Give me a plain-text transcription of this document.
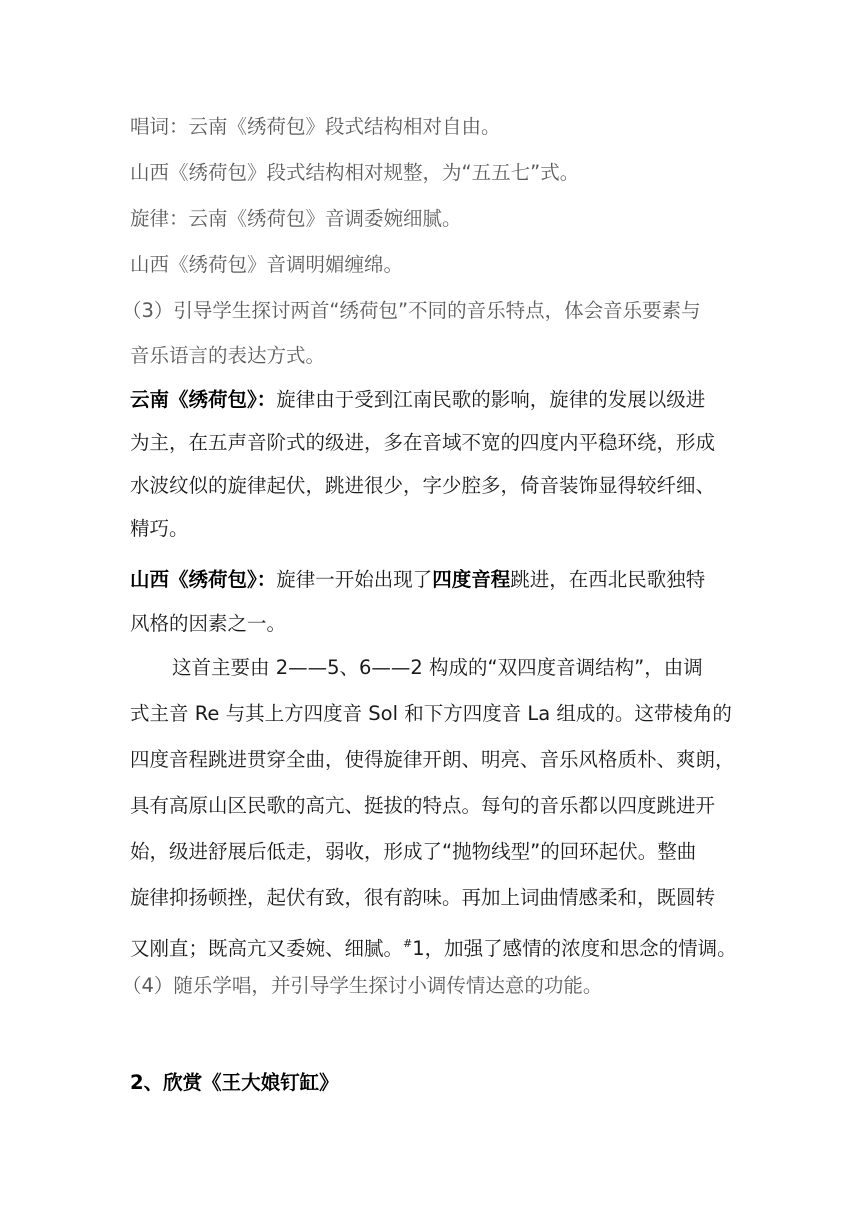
唱词：云南《绣荷包》段式结构相对自由。
山西《绣荷包》段式结构相对规整，为“五五七”式。
旋律：云南《绣荷包》音调委婉细腻。
山西《绣荷包》音调明媚缠绵。
（3）引导学生探讨两首“绣荷包”不同的音乐特点，体会音乐要素与
音乐语言的表达方式。
云南《绣荷包》：旋律由于受到江南民歌的影响，旋律的发展以级进
为主，在五声音阶式的级进，多在音域不宽的四度内平稳环绕，形成
水波纹似的旋律起伏，跳进很少，字少腔多，倚音装饰显得较纤细、
精巧。
山西《绣荷包》：旋律一开始出现了四度音程跳进，在西北民歌独特
风格的因素之一。
这首主要由 2——5、6——2 构成的“双四度音调结构”，由调
式主音 Re 与其上方四度音 Sol 和下方四度音 La 组成的。这带棱角的
四度音程跳进贯穿全曲，使得旋律开朗、明亮、音乐风格质朴、爽朗，
具有高原山区民歌的高亢、挺拔的特点。每句的音乐都以四度跳进开
始，级进舒展后低走，弱收，形成了“抛物线型”的回环起伏。整曲
旋律抑扬顿挫，起伏有致，很有韵味。再加上词曲情感柔和，既圆转
又刚直；既高亢又委婉、细腻。#1，加强了感情的浓度和思念的情调。
（4）随乐学唱，并引导学生探讨小调传情达意的功能。
2、欣赏《王大娘钉缸》
